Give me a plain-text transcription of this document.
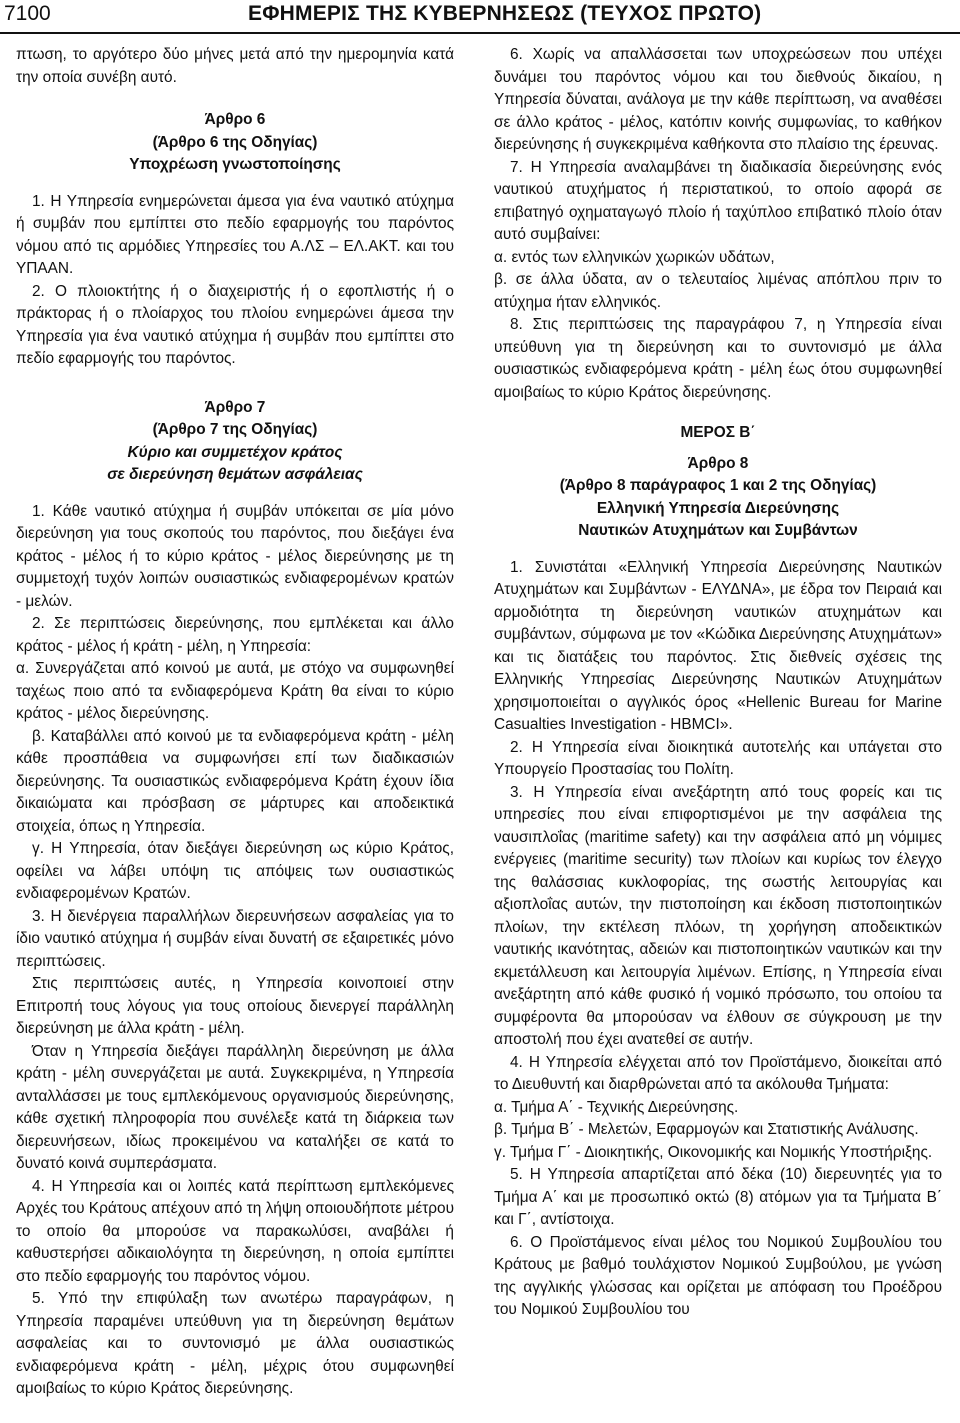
7100	ΕΦΗΜΕΡΙΣ ΤΗΣ ΚΥΒΕΡΝΗΣΕΩΣ (ΤΕΥΧΟΣ ΠΡΩΤΟ)

πτωση, το αργότερο δύο μήνες μετά από την ημερομηνία κατά την οποία συνέβη αυτό.

Άρθρο 6
(Άρθρο 6 της Οδηγίας)
Υποχρέωση γνωστοποίησης

1. Η Υπηρεσία ενημερώνεται άμεσα για ένα ναυτικό ατύχημα ή συμβάν που εμπίπτει στο πεδίο εφαρμογής του παρόντος νόμου από τις αρμόδιες Υπηρεσίες του Α.ΛΣ – ΕΛ.ΑΚΤ. και του ΥΠΑΑΝ.

2. Ο πλοιοκτήτης ή ο διαχειριστής ή ο εφοπλιστής ή ο πράκτορας ή ο πλοίαρχος του πλοίου ενημερώνει άμεσα την Υπηρεσία για ένα ναυτικό ατύχημα ή συμβάν που εμπίπτει στο πεδίο εφαρμογής του παρόντος.

Άρθρο 7
(Άρθρο 7 της Οδηγίας)
Κύριο και συμμετέχον κράτος
σε διερεύνηση θεμάτων ασφάλειας

1. Κάθε ναυτικό ατύχημα ή συμβάν υπόκειται σε μία μόνο διερεύνηση για τους σκοπούς του παρόντος, που διεξάγει ένα κράτος - μέλος ή το κύριο κράτος - μέλος διερεύνησης με τη συμμετοχή τυχόν λοιπών ουσιαστικώς ενδιαφερομένων κρατών - μελών.

2. Σε περιπτώσεις διερεύνησης, που εμπλέκεται και άλλο κράτος - μέλος ή κράτη - μέλη, η Υπηρεσία:

α. Συνεργάζεται από κοινού με αυτά, με στόχο να συμφωνηθεί ταχέως ποιο από τα ενδιαφερόμενα Κράτη θα είναι το κύριο κράτος - μέλος διερεύνησης.

β. Καταβάλλει από κοινού με τα ενδιαφερόμενα κράτη - μέλη κάθε προσπάθεια να συμφωνήσει επί των διαδικασιών διερεύνησης. Τα ουσιαστικώς ενδιαφερόμενα Κράτη έχουν ίδια δικαιώματα και πρόσβαση σε μάρτυρες και αποδεικτικά στοιχεία, όπως η Υπηρεσία.

γ. Η Υπηρεσία, όταν διεξάγει διερεύνηση ως κύριο Κράτος, οφείλει να λάβει υπόψη τις απόψεις των ουσιαστικώς ενδιαφερομένων Κρατών.

3. Η διενέργεια παραλλήλων διερευνήσεων ασφαλείας για το ίδιο ναυτικό ατύχημα ή συμβάν είναι δυνατή σε εξαιρετικές μόνο περιπτώσεις.

Στις περιπτώσεις αυτές, η Υπηρεσία κοινοποιεί στην Επιτροπή τους λόγους για τους οποίους διενεργεί παράλληλη διερεύνηση με άλλα κράτη - μέλη.

Όταν η Υπηρεσία διεξάγει παράλληλη διερεύνηση με άλλα κράτη - μέλη συνεργάζεται με αυτά. Συγκεκριμένα, η Υπηρεσία ανταλλάσσει με τους εμπλεκόμενους οργανισμούς διερεύνησης, κάθε σχετική πληροφορία που συνέλεξε κατά τη διάρκεια των διερευνήσεων, ιδίως προκειμένου να καταλήξει σε κατά το δυνατό κοινά συμπεράσματα.

4. Η Υπηρεσία και οι λοιπές κατά περίπτωση εμπλεκόμενες Αρχές του Κράτους απέχουν από τη λήψη οποιουδήποτε μέτρου το οποίο θα μπορούσε να παρακωλύσει, αναβάλει ή καθυστερήσει αδικαιολόγητα τη διερεύνηση, η οποία εμπίπτει στο πεδίο εφαρμογής του παρόντος νόμου.

5. Υπό την επιφύλαξη των ανωτέρω παραγράφων, η Υπηρεσία παραμένει υπεύθυνη για τη διερεύνηση θεμάτων ασφαλείας και το συντονισμό με άλλα ουσιαστικώς ενδιαφερόμενα κράτη - μέλη, μέχρις ότου συμφωνηθεί αμοιβαίως το κύριο Κράτος διερεύνησης.

6. Χωρίς να απαλλάσσεται των υποχρεώσεων που υπέχει δυνάμει του παρόντος νόμου και του διεθνούς δικαίου, η Υπηρεσία δύναται, ανάλογα με την κάθε περίπτωση, να αναθέσει σε άλλο κράτος - μέλος, κατόπιν κοινής συμφωνίας, το καθήκον διερεύνησης ή συγκεκριμένα καθήκοντα στο πλαίσιο της έρευνας.

7. Η Υπηρεσία αναλαμβάνει τη διαδικασία διερεύνησης ενός ναυτικού ατυχήματος ή περιστατικού, το οποίο αφορά σε επιβατηγό οχηματαγωγό πλοίο ή ταχύπλοο επιβατικό πλοίο όταν αυτό συμβαίνει:

α. εντός των ελληνικών χωρικών υδάτων,

β. σε άλλα ύδατα, αν ο τελευταίος λιμένας απόπλου πριν το ατύχημα ήταν ελληνικός.

8. Στις περιπτώσεις της παραγράφου 7, η Υπηρεσία είναι υπεύθυνη για τη διερεύνηση και το συντονισμό με άλλα ουσιαστικώς ενδιαφερόμενα κράτη - μέλη έως ότου συμφωνηθεί αμοιβαίως το κύριο Κράτος διερεύνησης.

ΜΕΡΟΣ Β΄
Άρθρο 8
(Άρθρο 8 παράγραφος 1 και 2 της Οδηγίας)
Ελληνική Υπηρεσία Διερεύνησης
Ναυτικών Ατυχημάτων και Συμβάντων

1. Συνιστάται «Ελληνική Υπηρεσία Διερεύνησης Ναυτικών Ατυχημάτων και Συμβάντων - ΕΛΥΔΝΑ», με έδρα τον Πειραιά και αρμοδιότητα τη διερεύνηση ναυτικών ατυχημάτων και συμβάντων, σύμφωνα με τον «Κώδικα Διερεύνησης Ατυχημάτων» και τις διατάξεις του παρόντος. Στις διεθνείς σχέσεις της Ελληνικής Υπηρεσίας Διερεύνησης Ναυτικών Ατυχημάτων χρησιμοποιείται ο αγγλικός όρος «Hellenic Bureau for Marine Casualties Investigation - HBMCI».

2. Η Υπηρεσία είναι διοικητικά αυτοτελής και υπάγεται στο Υπουργείο Προστασίας του Πολίτη.

3. Η Υπηρεσία είναι ανεξάρτητη από τους φορείς και τις υπηρεσίες που είναι επιφορτισμένοι με την ασφάλεια της ναυσιπλοΐας (maritime safety) και την ασφάλεια από μη νόμιμες ενέργειες (maritime security) των πλοίων και κυρίως τον έλεγχο της θαλάσσιας κυκλοφορίας, της σωστής λειτουργίας και αξιοπλοΐας αυτών, την πιστοποίηση και έκδοση πιστοποιητικών πλοίων, την εκτέλεση πλόων, τη χορήγηση αποδεικτικών ναυτικής ικανότητας, αδειών και πιστοποιητικών ναυτικών και την εκμετάλλευση και λειτουργία λιμένων. Επίσης, η Υπηρεσία είναι ανεξάρτητη από κάθε φυσικό ή νομικό πρόσωπο, του οποίου τα συμφέροντα θα μπορούσαν να έλθουν σε σύγκρουση με την αποστολή που έχει ανατεθεί σε αυτήν.

4. Η Υπηρεσία ελέγχεται από τον Προϊστάμενο, διοικείται από το Διευθυντή και διαρθρώνεται από τα ακόλουθα Τμήματα:

α. Τμήμα Α΄ - Τεχνικής Διερεύνησης.

β. Τμήμα Β΄ - Μελετών, Εφαρμογών και Στατιστικής Ανάλυσης.

γ. Τμήμα Γ΄ - Διοικητικής, Οικονομικής και Νομικής Υποστήριξης.

5. Η Υπηρεσία απαρτίζεται από δέκα (10) διερευνητές για το Τμήμα Α΄ και με προσωπικό οκτώ (8) ατόμων για τα Τμήματα Β΄ και Γ΄, αντίστοιχα.

6. Ο Προϊστάμενος είναι μέλος του Νομικού Συμβουλίου του Κράτους με βαθμό τουλάχιστον Νομικού Συμβούλου, με γνώση της αγγλικής γλώσσας και ορίζεται με απόφαση του Προέδρου του Νομικού Συμβουλίου του
